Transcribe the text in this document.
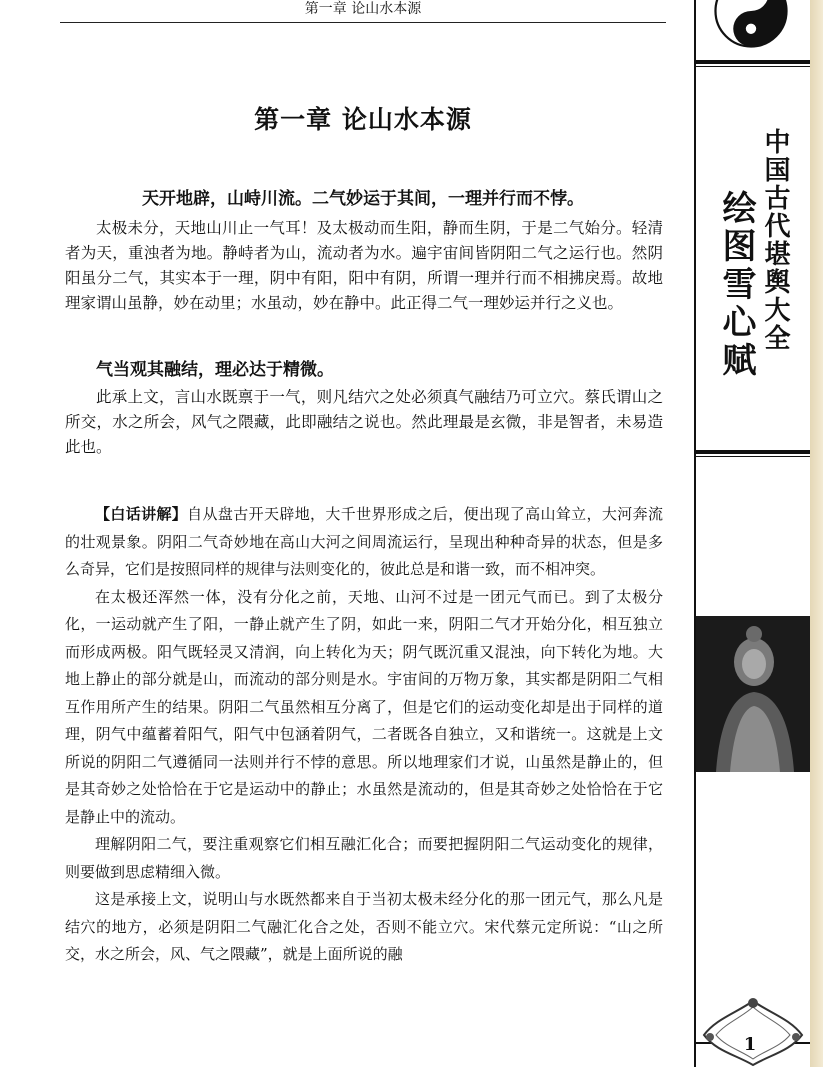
第一章 论山水本源
第一章 论山水本源

天开地辟，山峙川流。二气妙运于其间，一理并行而不悖。

太极未分，天地山川止一气耳！及太极动而生阳，静而生阴，于是二气始分。轻清者为天，重浊者为地。静峙者为山，流动者为水。遍宇宙间皆阴阳二气之运行也。然阴阳虽分二气，其实本于一理，阴中有阳，阳中有阴，所谓一理并行而不相拂戾焉。故地理家谓山虽静，妙在动里；水虽动，妙在静中。此正得二气一理妙运并行之义也。

气当观其融结，理必达于精微。

此承上文，言山水既禀于一气，则凡结穴之处必须真气融结乃可立穴。蔡氏谓山之所交，水之所会，风气之隈藏，此即融结之说也。然此理最是玄微，非是智者，未易造此也。

【白话讲解】自从盘古开天辟地，大千世界形成之后，便出现了高山耸立，大河奔流的壮观景象。阴阳二气奇妙地在高山大河之间周流运行，呈现出种种奇异的状态，但是多么奇异，它们是按照同样的规律与法则变化的，彼此总是和谐一致，而不相冲突。

在太极还浑然一体，没有分化之前，天地、山河不过是一团元气而已。到了太极分化，一运动就产生了阳，一静止就产生了阴，如此一来，阴阳二气才开始分化，相互独立而形成两极。阳气既轻灵又清润，向上转化为天；阴气既沉重又混浊，向下转化为地。大地上静止的部分就是山，而流动的部分则是水。宇宙间的万物万象，其实都是阴阳二气相互作用所产生的结果。阴阳二气虽然相互分离了，但是它们的运动变化却是出于同样的道理，阴气中蕴蓄着阳气，阳气中包涵着阴气，二者既各自独立，又和谐统一。这就是上文所说的阴阳二气遵循同一法则并行不悖的意思。所以地理家们才说，山虽然是静止的，但是其奇妙之处恰恰在于它是运动中的静止；水虽然是流动的，但是其奇妙之处恰恰在于它是静止中的流动。

理解阴阳二气，要注重观察它们相互融汇化合；而要把握阴阳二气运动变化的规律，则要做到思虑精细入微。

这是承接上文，说明山与水既然都来自于当初太极未经分化的那一团元气，那么凡是结穴的地方，必须是阴阳二气融汇化合之处，否则不能立穴。宋代蔡元定所说：“山之所交，水之所会，风、气之隈藏”，就是上面所说的融

中国古代堪舆大全
绘图雪心赋
1
